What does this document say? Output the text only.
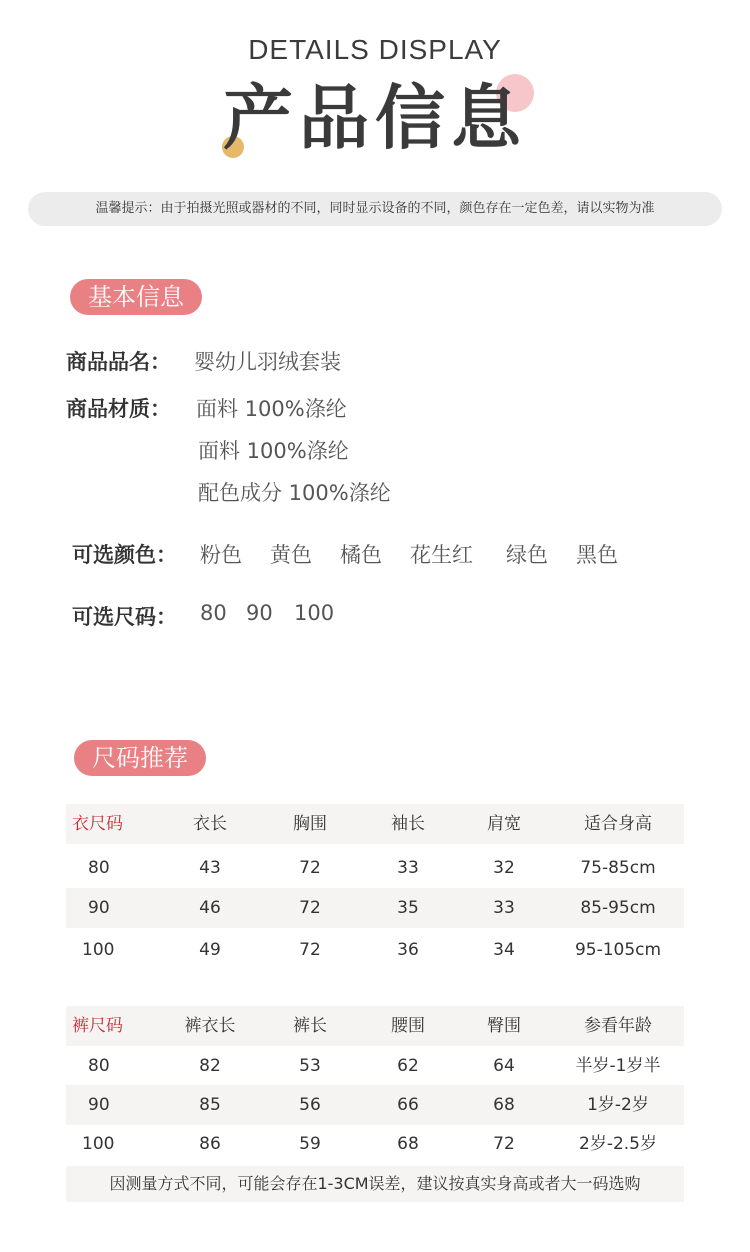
DETAILS DISPLAY
产品信息
温馨提示：由于拍摄光照或器材的不同，同时显示设备的不同，颜色存在一定色差，请以实物为准
基本信息
商品品名： 婴幼儿羽绒套装
商品材质： 面料 100%涤纶
面料 100%涤纶
配色成分 100%涤纶
可选颜色： 粉色 黄色 橘色 花生红 绿色 黑色
可选尺码： 80 90 100
尺码推荐
衣尺码	衣长	胸围	袖长	肩宽	适合身高
80	43	72	33	32	75-85cm
90	46	72	35	33	85-95cm
100	49	72	36	34	95-105cm
裤尺码	裤衣长	裤长	腰围	臀围	参看年龄
80	82	53	62	64	半岁-1岁半
90	85	56	66	68	1岁-2岁
100	86	59	68	72	2岁-2.5岁
因测量方式不同，可能会存在1-3CM误差，建议按真实身高或者大一码选购
